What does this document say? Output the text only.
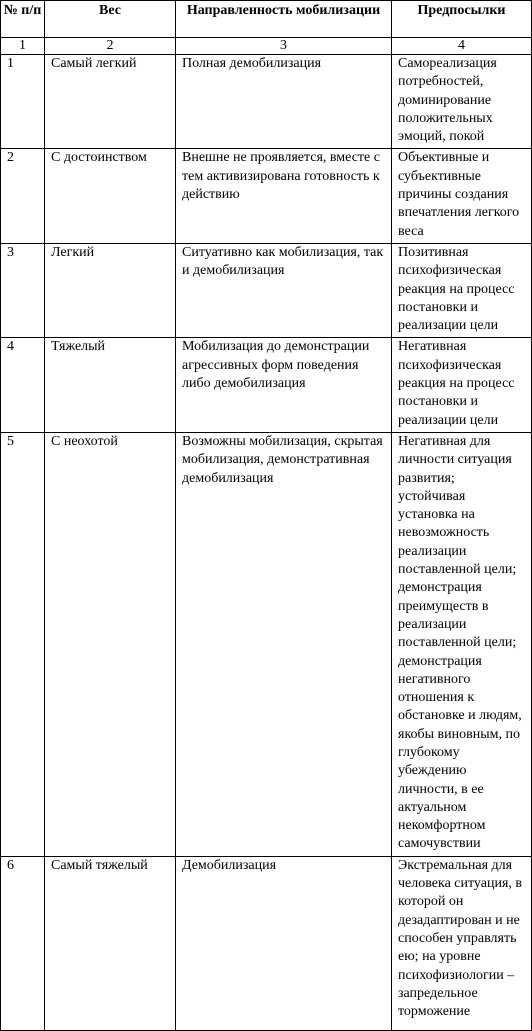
№ п/п	Вес	Направленность мобилизации	Предпосылки
1	2	3	4
1	Самый легкий	Полная демобилизация	Самореализация потребностей, доминирование положительных эмоций, покой
2	С достоинством	Внешне не проявляется, вместе с тем активизирована готовность к действию	Объективные и субъективные причины создания впечатления легкого веса
3	Легкий	Ситуативно как мобилизация, так и демобилизация	Позитивная психофизическая реакция на процесс постановки и реализации цели
4	Тяжелый	Мобилизация до демонстрации агрессивных форм поведения либо демобилизация	Негативная психофизическая реакция на процесс постановки и реализации цели
5	С неохотой	Возможны мобилизация, скрытая мобилизация, демонстративная демобилизация	Негативная для личности ситуация развития; устойчивая установка на невозможность реализации поставленной цели; демонстрация преимуществ в реализации поставленной цели; демонстрация негативного отношения к обстановке и людям, якобы виновным, по глубокому убеждению личности, в ее актуальном некомфортном самочувствии
6	Самый тяжелый	Демобилизация	Экстремальная для человека ситуация, в которой он дезадаптирован и не способен управлять ею; на уровне психофизиологии – запредельное торможение
